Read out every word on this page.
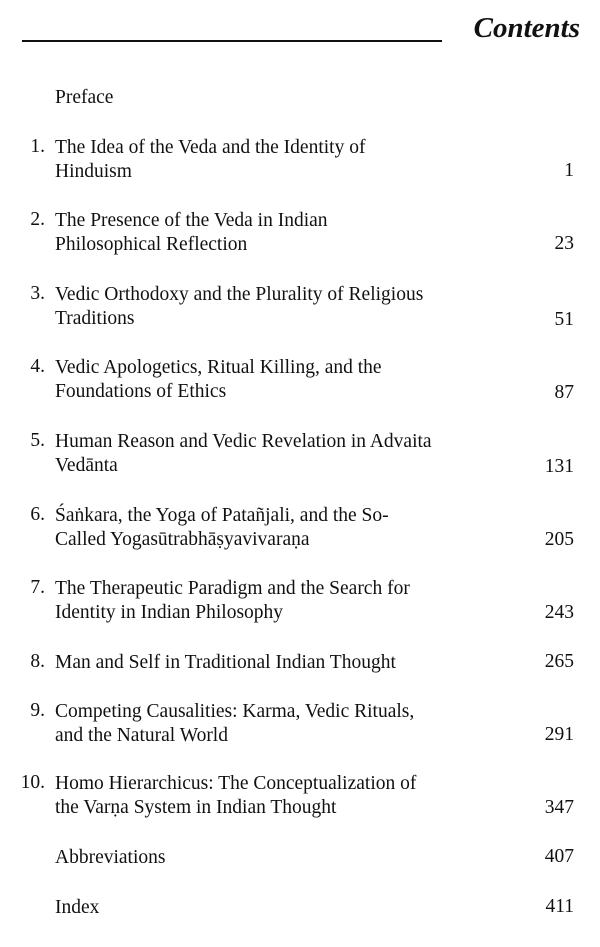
Contents
Preface
1. The Idea of the Veda and the Identity of
Hinduism	1
2. The Presence of the Veda in Indian
Philosophical Reflection	23
3. Vedic Orthodoxy and the Plurality of Religious
Traditions	51
4. Vedic Apologetics, Ritual Killing, and the
Foundations of Ethics	87
5. Human Reason and Vedic Revelation in Advaita
Vedānta	131
6. Śaṅkara, the Yoga of Patañjali, and the So-
Called Yogasūtrabhāṣyavivaraṇa	205
7. The Therapeutic Paradigm and the Search for
Identity in Indian Philosophy	243
8. Man and Self in Traditional Indian Thought	265
9. Competing Causalities: Karma, Vedic Rituals,
and the Natural World	291
10. Homo Hierarchicus: The Conceptualization of
the Varṇa System in Indian Thought	347
Abbreviations	407
Index	411
